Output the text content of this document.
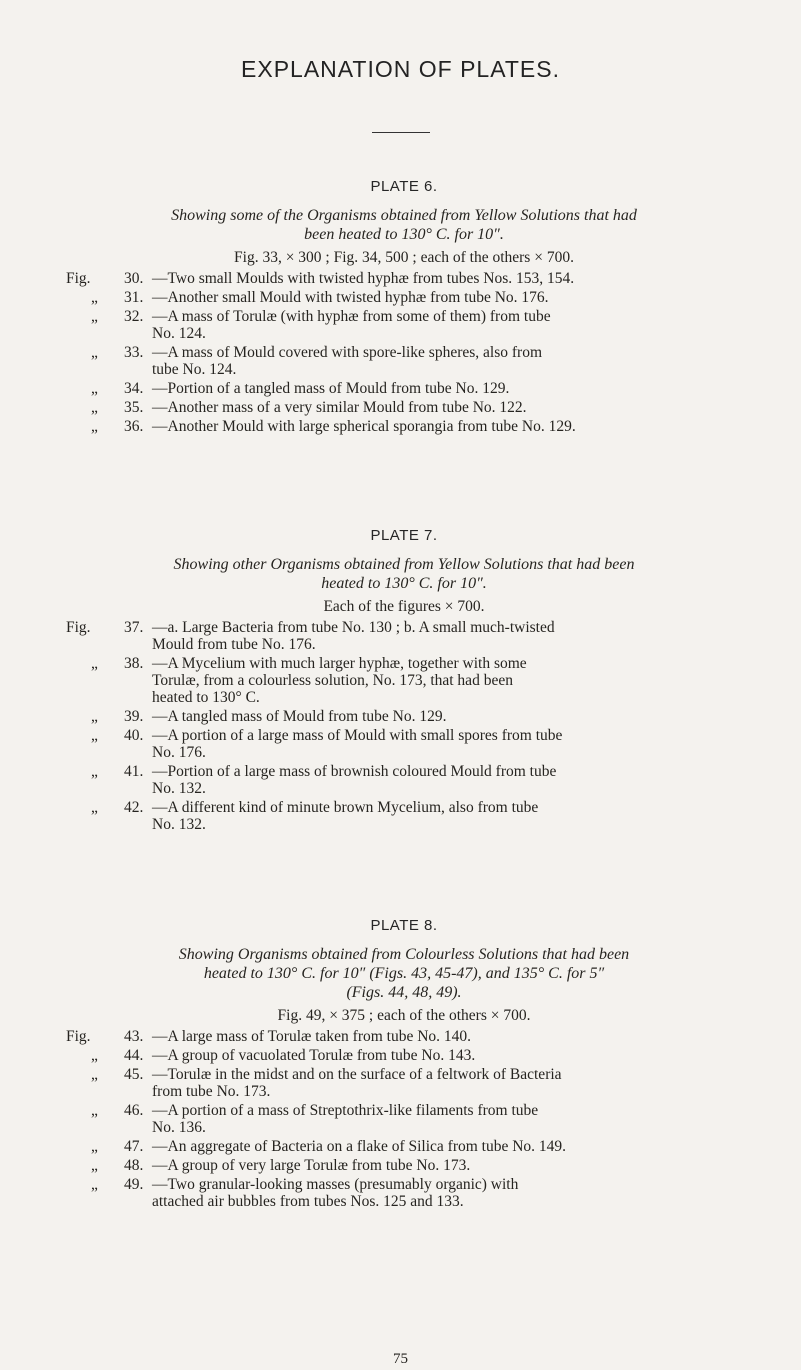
EXPLANATION OF PLATES.
PLATE 6.
Showing some of the Organisms obtained from Yellow Solutions that had
been heated to 130° C. for 10″.
Fig. 33, × 300 ; Fig. 34, 500 ; each of the others × 700.
Fig.	30. —Two small Moulds with twisted hyphæ from tubes Nos. 153, 154.
„ 31. —Another small Mould with twisted hyphæ from tube No. 176.
„ 32. —A mass of Torulæ (with hyphæ from some of them) from tube
No. 124.
„ 33. —A mass of Mould covered with spore-like spheres, also from
tube No. 124.
„ 34. —Portion of a tangled mass of Mould from tube No. 129.
„ 35. —Another mass of a very similar Mould from tube No. 122.
„ 36. —Another Mould with large spherical sporangia from tube No. 129.
PLATE 7.
Showing other Organisms obtained from Yellow Solutions that had been
heated to 130° C. for 10″.
Each of the figures × 700.
Fig.	37. —a. Large Bacteria from tube No. 130 ; b. A small much-twisted
Mould from tube No. 176.
„ 38. —A Mycelium with much larger hyphæ, together with some
Torulæ, from a colourless solution, No. 173, that had been
heated to 130° C.
„ 39. —A tangled mass of Mould from tube No. 129.
„ 40. —A portion of a large mass of Mould with small spores from tube
No. 176.
„ 41. —Portion of a large mass of brownish coloured Mould from tube
No. 132.
„ 42. —A different kind of minute brown Mycelium, also from tube
No. 132.
PLATE 8.
Showing Organisms obtained from Colourless Solutions that had been
heated to 130° C. for 10″ (Figs. 43, 45-47), and 135° C. for 5″
(Figs. 44, 48, 49).
Fig. 49, × 375 ; each of the others × 700.
Fig.	43. —A large mass of Torulæ taken from tube No. 140.
„ 44. —A group of vacuolated Torulæ from tube No. 143.
„ 45. —Torulæ in the midst and on the surface of a feltwork of Bacteria
from tube No. 173.
„ 46. —A portion of a mass of Streptothrix-like filaments from tube
No. 136.
„ 47. —An aggregate of Bacteria on a flake of Silica from tube No. 149.
„ 48. —A group of very large Torulæ from tube No. 173.
„ 49. —Two granular-looking masses (presumably organic) with
attached air bubbles from tubes Nos. 125 and 133.
75
